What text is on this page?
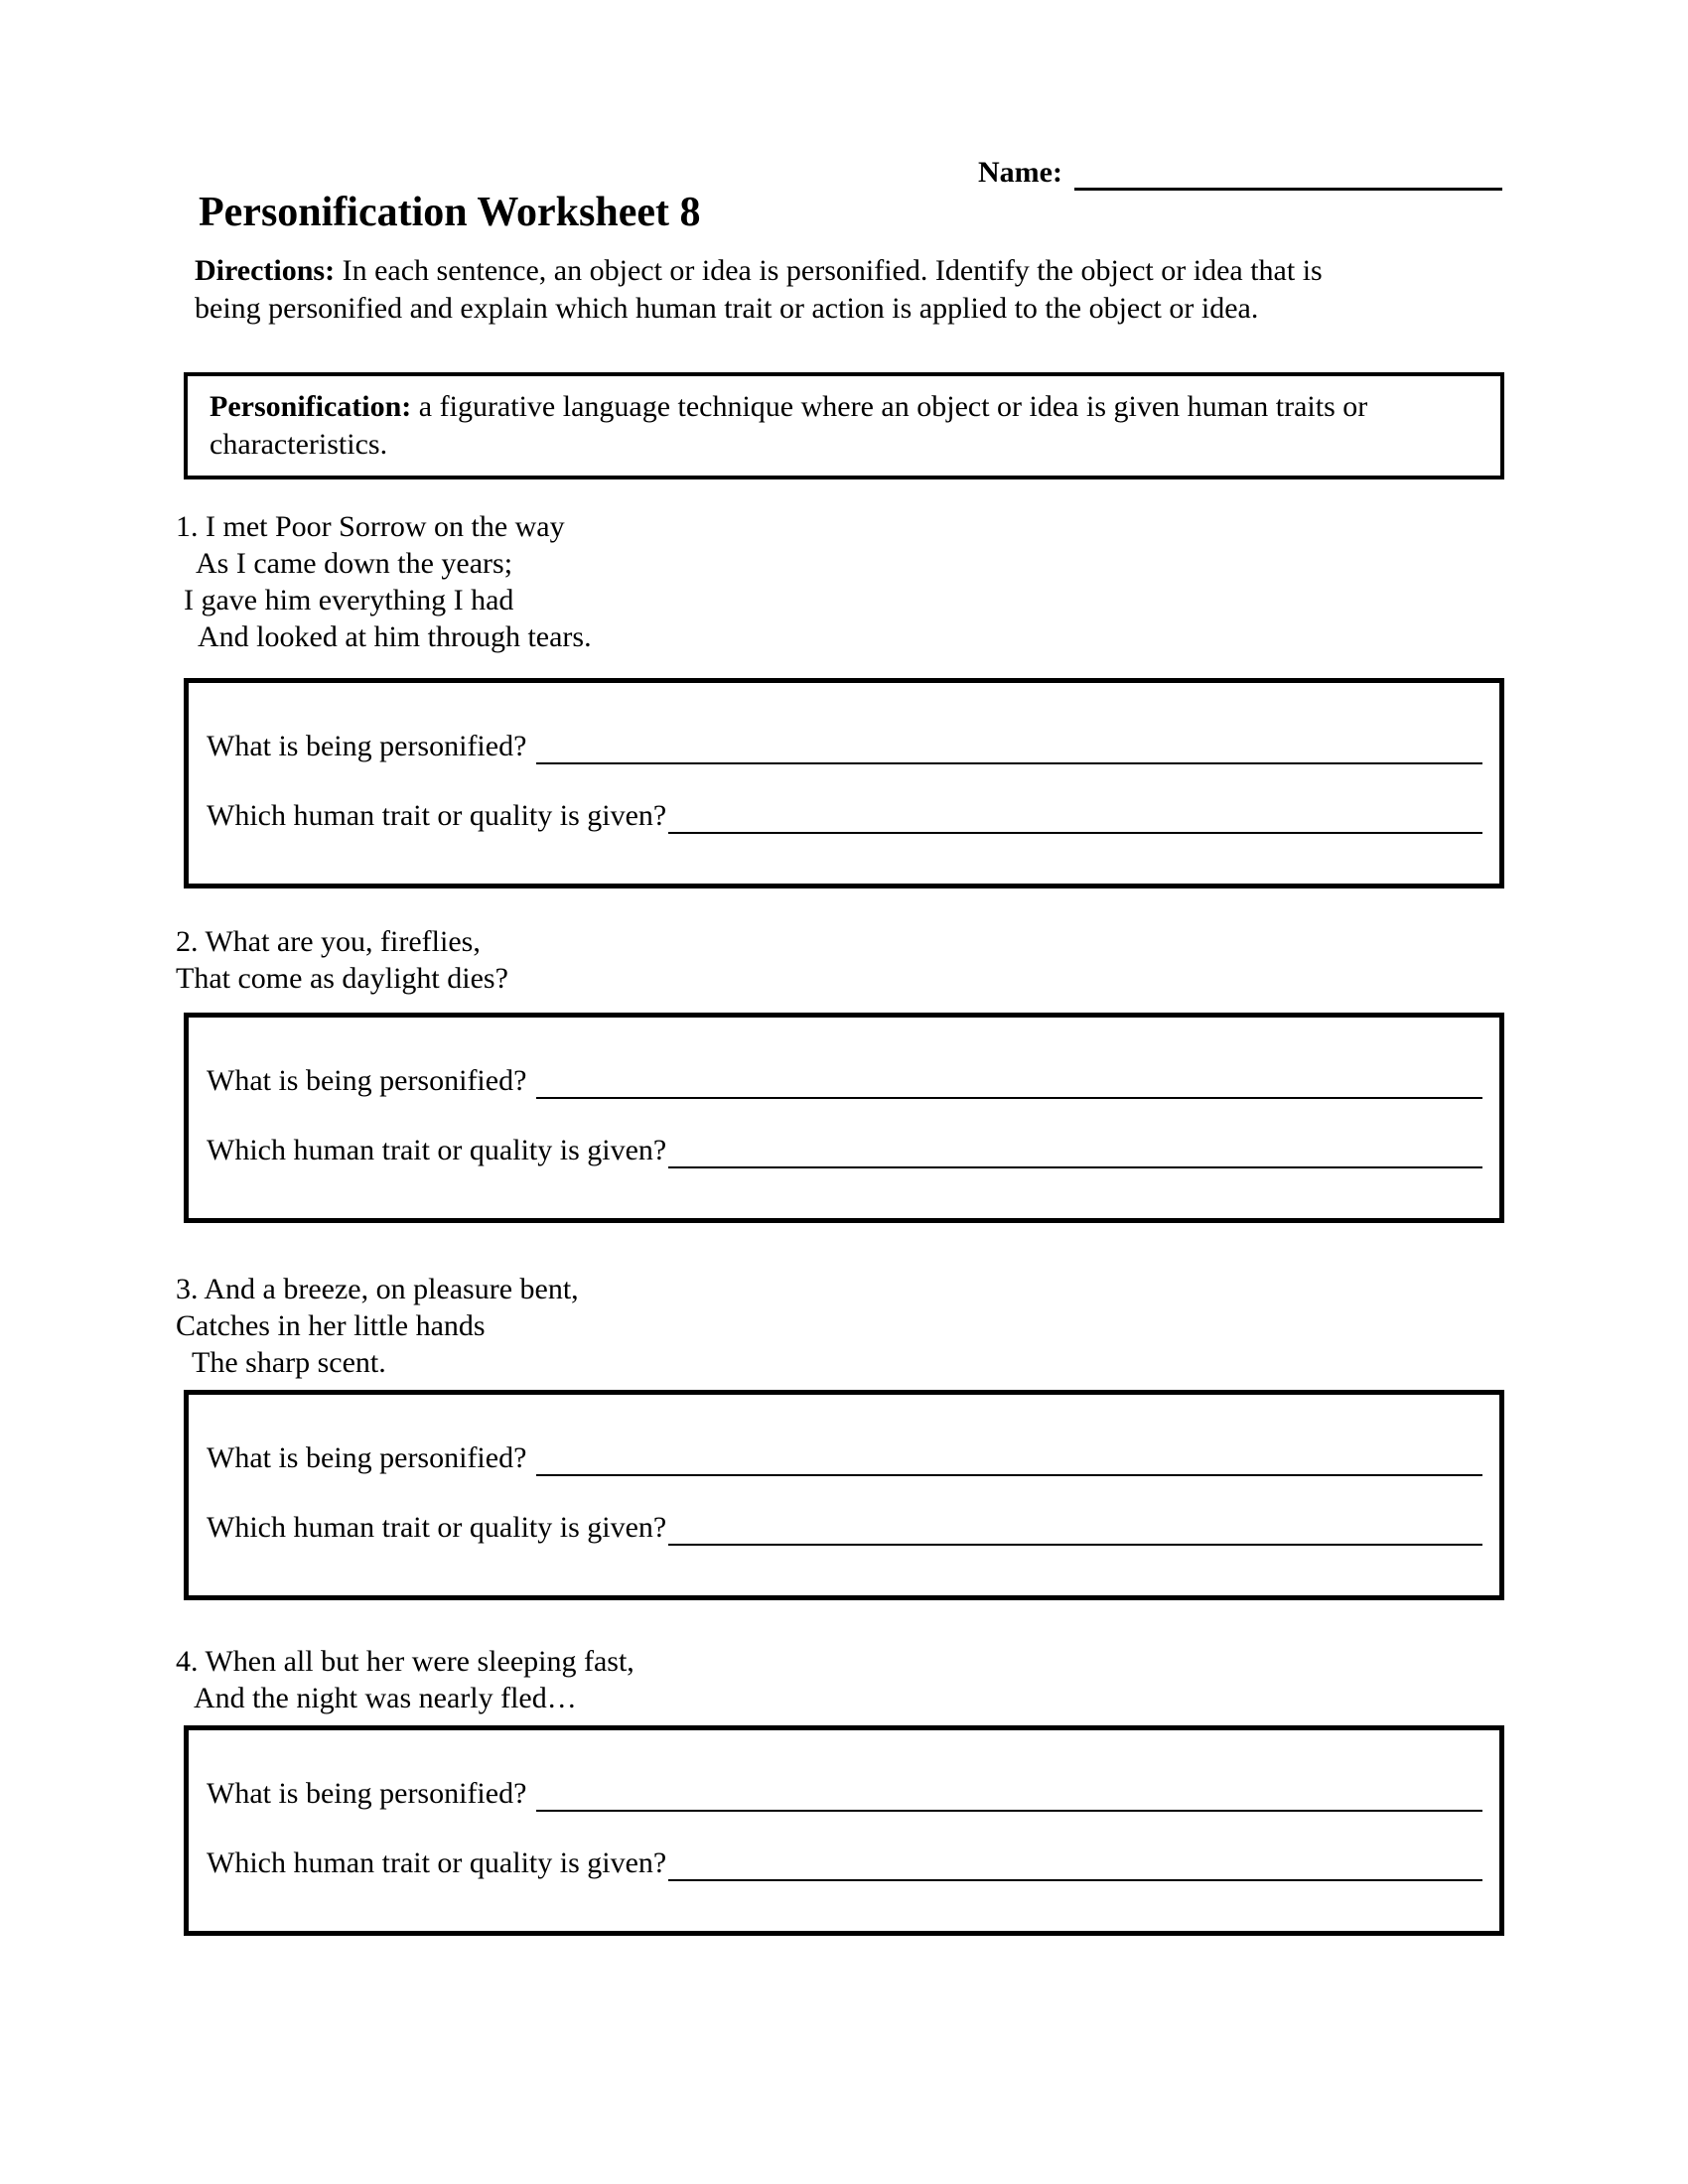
Name:
Personification Worksheet 8

Directions: In each sentence, an object or idea is personified. Identify the object or idea that is
being personified and explain which human trait or action is applied to the object or idea.

Personification: a figurative language technique where an object or idea is given human traits or characteristics.
1. I met Poor Sorrow on the way
As I came down the years;
I gave him everything I had
And looked at him through tears.
What is being personified?
Which human trait or quality is given?
2. What are you, fireflies,
That come as daylight dies?
What is being personified?
Which human trait or quality is given?
3. And a breeze, on pleasure bent,
Catches in her little hands
The sharp scent.
What is being personified?
Which human trait or quality is given?
4. When all but her were sleeping fast,
And the night was nearly fled…
What is being personified?
Which human trait or quality is given?
